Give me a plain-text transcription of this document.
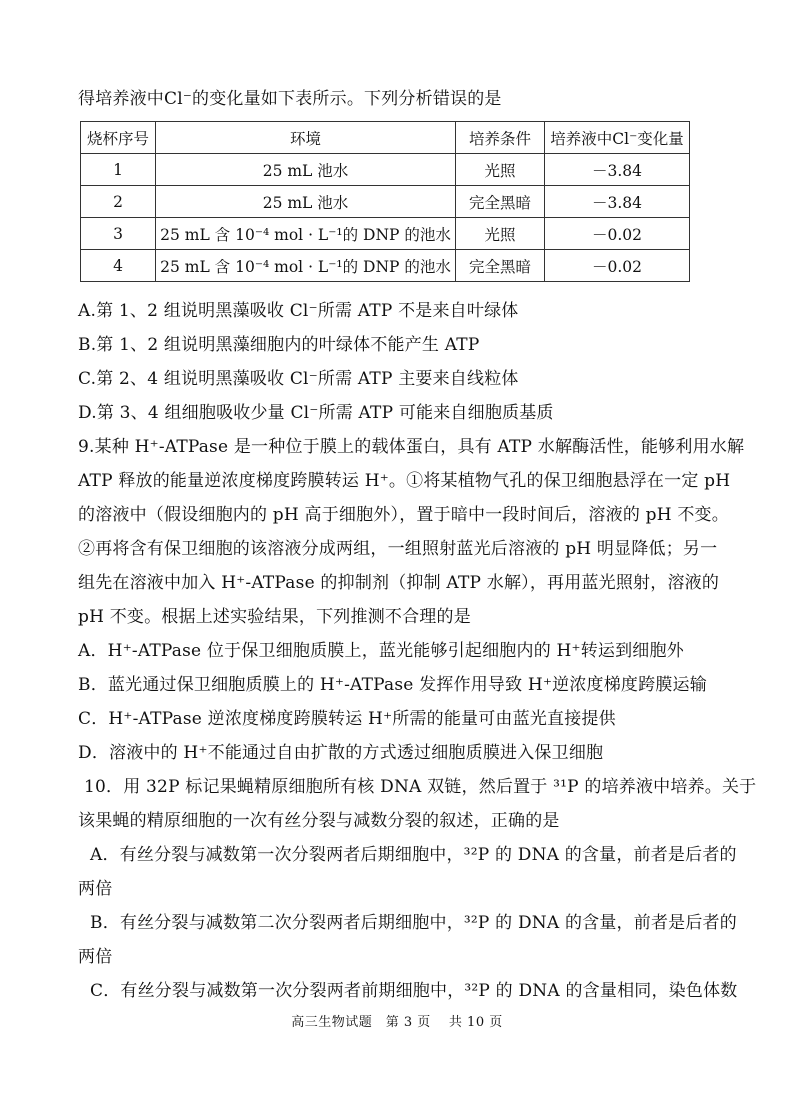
得培养液中Cl⁻的变化量如下表所示。下列分析错误的是
烧杯序号	环境	培养条件	培养液中Cl⁻变化量
1	25 mL 池水	光照	－3.84
2	25 mL 池水	完全黑暗	－3.84
3	25 mL 含 10⁻⁴ mol · L⁻¹的 DNP 的池水	光照	－0.02
4	25 mL 含 10⁻⁴ mol · L⁻¹的 DNP 的池水	完全黑暗	－0.02
A.第 1、2 组说明黑藻吸收 Cl⁻所需 ATP 不是来自叶绿体
B.第 1、2 组说明黑藻细胞内的叶绿体不能产生 ATP
C.第 2、4 组说明黑藻吸收 Cl⁻所需 ATP 主要来自线粒体
D.第 3、4 组细胞吸收少量 Cl⁻所需 ATP 可能来自细胞质基质
9.某种 H⁺-ATPase 是一种位于膜上的载体蛋白，具有 ATP 水解酶活性，能够利用水解
ATP 释放的能量逆浓度梯度跨膜转运 H⁺。①将某植物气孔的保卫细胞悬浮在一定 pH
的溶液中（假设细胞内的 pH 高于细胞外），置于暗中一段时间后，溶液的 pH 不变。
②再将含有保卫细胞的该溶液分成两组，一组照射蓝光后溶液的 pH 明显降低；另一
组先在溶液中加入 H⁺-ATPase 的抑制剂（抑制 ATP 水解），再用蓝光照射，溶液的
pH 不变。根据上述实验结果，下列推测不合理的是
A．H⁺-ATPase 位于保卫细胞质膜上，蓝光能够引起细胞内的 H⁺转运到细胞外
B．蓝光通过保卫细胞质膜上的 H⁺-ATPase 发挥作用导致 H⁺逆浓度梯度跨膜运输
C．H⁺-ATPase 逆浓度梯度跨膜转运 H⁺所需的能量可由蓝光直接提供
D．溶液中的 H⁺不能通过自由扩散的方式透过细胞质膜进入保卫细胞
10．用 32P 标记果蝇精原细胞所有核 DNA 双链，然后置于 ³¹P 的培养液中培养。关于
该果蝇的精原细胞的一次有丝分裂与减数分裂的叙述，正确的是
A．有丝分裂与减数第一次分裂两者后期细胞中，³²P 的 DNA 的含量，前者是后者的
两倍
B．有丝分裂与减数第二次分裂两者后期细胞中，³²P 的 DNA 的含量，前者是后者的
两倍
C．有丝分裂与减数第一次分裂两者前期细胞中，³²P 的 DNA 的含量相同，染色体数
高三生物试题　第 3 页　 共 10 页
